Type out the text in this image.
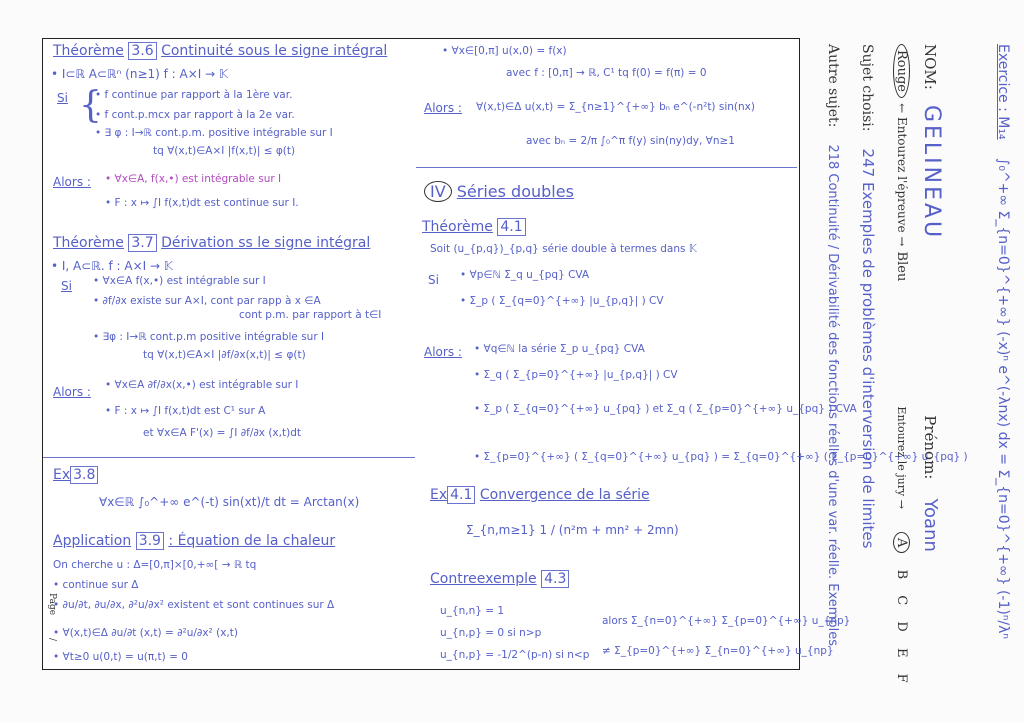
Théorème 3.6 Continuité sous le signe intégral
• I⊂ℝ A⊂ℝⁿ (n≥1) f : A×I → 𝕂
Si {
• f continue par rapport à la 1ère var.
• f cont.p.mcx par rapport à la 2e var.
• ∃ φ : I→ℝ cont.p.m. positive intégrable sur I
tq ∀(x,t)∈A×I |f(x,t)| ≤ φ(t)
Alors : • ∀x∈A, f(x,•) est intégrable sur I
• F : x ↦ ∫I f(x,t)dt est continue sur I.
Théorème 3.7 Dérivation ss le signe intégral
• I, A⊂ℝ. f : A×I → 𝕂
Si • ∀x∈A f(x,•) est intégrable sur I
• ∂f/∂x existe sur A×I, cont par rapp à x ∈A
cont p.m. par rapport à t∈I
• ∃φ : I→ℝ cont.p.m positive intégrable sur I
tq ∀(x,t)∈A×I |∂f/∂x(x,t)| ≤ φ(t)
Alors : • ∀x∈A ∂f/∂x(x,•) est intégrable sur I
• F : x ↦ ∫I f(x,t)dt est C¹ sur A
et ∀x∈A F'(x) = ∫I ∂f/∂x (x,t)dt
Ex 3.8
∀x∈ℝ ∫₀^+∞ e^(-t) sin(xt)/t dt = Arctan(x)
Application 3.9 : Équation de la chaleur
On cherche u : Δ=[0,π]×[0,+∞[ → ℝ tq
• continue sur Δ
• ∂u/∂t, ∂u/∂x, ∂²u/∂x² existent et sont continues sur Δ
• ∀(x,t)∈Δ ∂u/∂t (x,t) = ∂²u/∂x² (x,t)
• ∀t≥0 u(0,t) = u(π,t) = 0
• ∀x∈[0,π] u(x,0) = f(x)
avec f : [0,π] → ℝ, C¹ tq f(0) = f(π) = 0
Alors : ∀(x,t)∈Δ u(x,t) = Σ_{n≥1}^{+∞} bₙ e^(-n²t) sin(nx)
avec bₙ = 2/π ∫₀^π f(y) sin(ny)dy, ∀n≥1
IV Séries doubles
Théorème 4.1
Soit (u_{p,q})_{p,q} série double à termes dans 𝕂
Si • ∀p∈ℕ Σ_q u_{pq} CVA
• Σ_p ( Σ_{q=0}^{+∞} |u_{p,q}| ) CV
Alors : • ∀q∈ℕ la série Σ_p u_{pq} CVA
• Σ_q ( Σ_{p=0}^{+∞} |u_{p,q}| ) CV
• Σ_p ( Σ_{q=0}^{+∞} u_{pq} ) et Σ_q ( Σ_{p=0}^{+∞} u_{pq} ) CVA
• Σ_{p=0}^{+∞} ( Σ_{q=0}^{+∞} u_{pq} ) = Σ_{q=0}^{+∞} ( Σ_{p=0}^{+∞} u_{pq} )
Ex 4.1 Convergence de la série
Σ_{n,m≥1} 1 / (n²m + mn² + 2mn)
Contreexemple 4.3
u_{n,n} = 1
u_{n,p} = 0 si n>p
u_{n,p} = -1/2^(p-n) si n<p
alors Σ_{n=0}^{+∞} Σ_{p=0}^{+∞} u_{np}
≠ Σ_{p=0}^{+∞} Σ_{n=0}^{+∞} u_{np}
Exercice : M₁₄ ∫₀^+∞ Σ_{n=0}^{+∞} (-x)ⁿ e^(-λnx) dx = Σ_{n=0}^{+∞} (-1)ⁿ/λⁿ
NOM: GELINEAU Prénom: Yoann
Rouge ← Entourez l'épreuve → Bleu Entourez le jury → A B C D E F
Sujet choisi: 247 Exemples de problèmes d'interversion de limites
Autre sujet: 218 Continuité / Dérivabilité des fonctions réelles d'une var. réelle. Exemples
Page /
